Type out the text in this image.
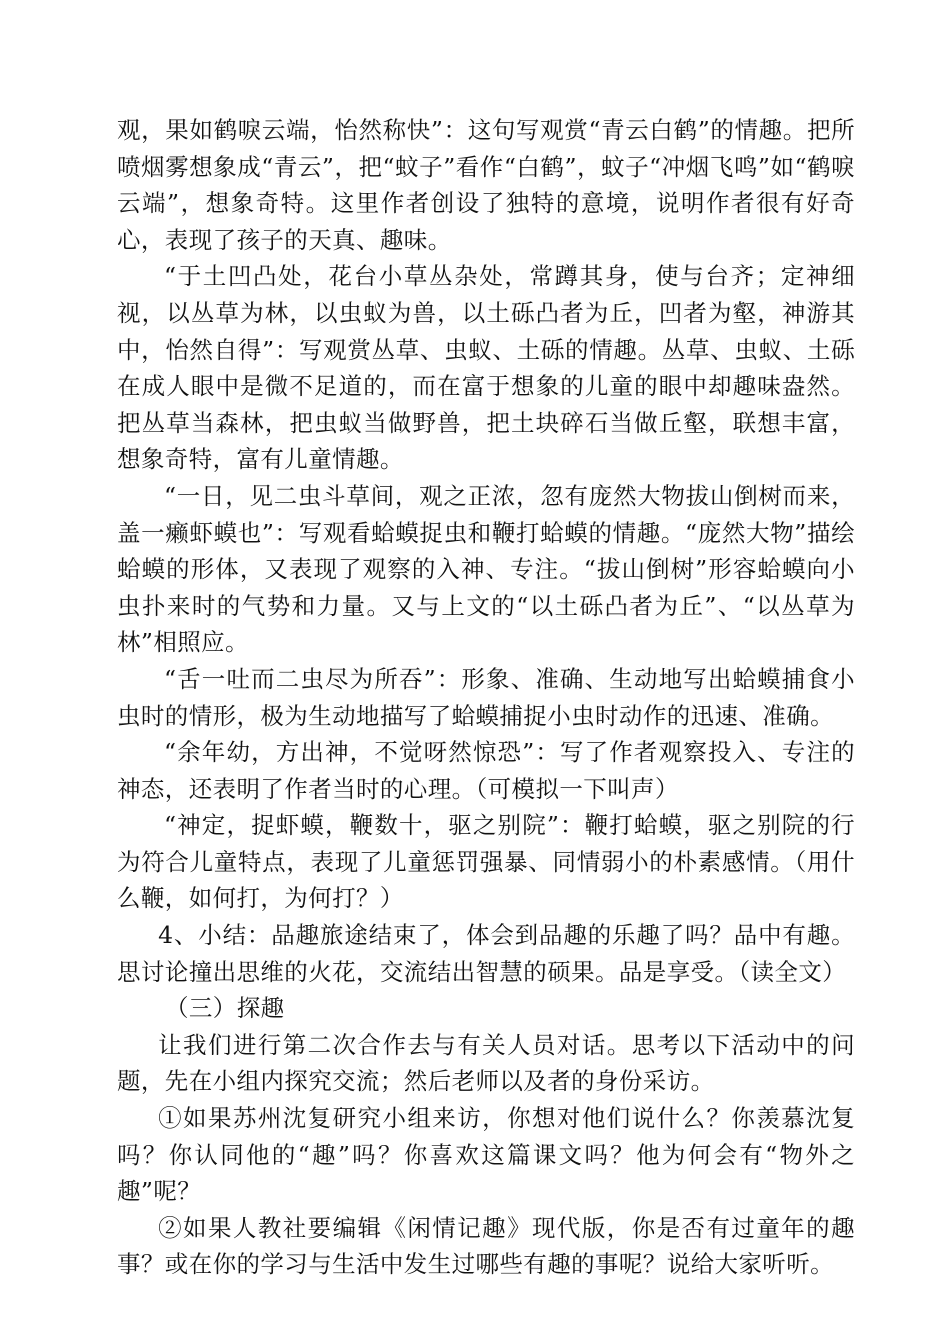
观，果如鹤唳云端，怡然称快”：这句写观赏“青云白鹤”的情趣。把所喷烟雾想象成“青云”，把“蚊子”看作“白鹤”，蚊子“冲烟飞鸣”如“鹤唳云端”，想象奇特。这里作者创设了独特的意境，说明作者很有好奇心，表现了孩子的天真、趣味。

“于土凹凸处，花台小草丛杂处，常蹲其身，使与台齐；定神细视，以丛草为林，以虫蚁为兽，以土砾凸者为丘，凹者为壑，神游其中，怡然自得”：写观赏丛草、虫蚁、土砾的情趣。丛草、虫蚁、土砾在成人眼中是微不足道的，而在富于想象的儿童的眼中却趣味盎然。把丛草当森林，把虫蚁当做野兽，把土块碎石当做丘壑，联想丰富，想象奇特，富有儿童情趣。

“一日，见二虫斗草间，观之正浓，忽有庞然大物拔山倒树而来，盖一癞虾蟆也”：写观看蛤蟆捉虫和鞭打蛤蟆的情趣。“庞然大物”描绘蛤蟆的形体，又表现了观察的入神、专注。“拔山倒树”形容蛤蟆向小虫扑来时的气势和力量。又与上文的“以土砾凸者为丘”、“以丛草为林”相照应。

“舌一吐而二虫尽为所吞”：形象、准确、生动地写出蛤蟆捕食小虫时的情形，极为生动地描写了蛤蟆捕捉小虫时动作的迅速、准确。

“余年幼，方出神，不觉呀然惊恐”：写了作者观察投入、专注的神态，还表明了作者当时的心理。（可模拟一下叫声）

“神定，捉虾蟆，鞭数十，驱之别院”：鞭打蛤蟆，驱之别院的行为符合儿童特点，表现了儿童惩罚强暴、同情弱小的朴素感情。（用什么鞭，如何打，为何打？）

4、小结：品趣旅途结束了，体会到品趣的乐趣了吗？品中有趣。思讨论撞出思维的火花，交流结出智慧的硕果。品是享受。（读全文）

（三）探趣

让我们进行第二次合作去与有关人员对话。思考以下活动中的问题，先在小组内探究交流；然后老师以及者的身份采访。

①如果苏州沈复研究小组来访，你想对他们说什么？你羡慕沈复吗？你认同他的“趣”吗？你喜欢这篇课文吗？他为何会有“物外之趣”呢？

②如果人教社要编辑《闲情记趣》现代版，你是否有过童年的趣事？或在你的学习与生活中发生过哪些有趣的事呢？说给大家听听。
